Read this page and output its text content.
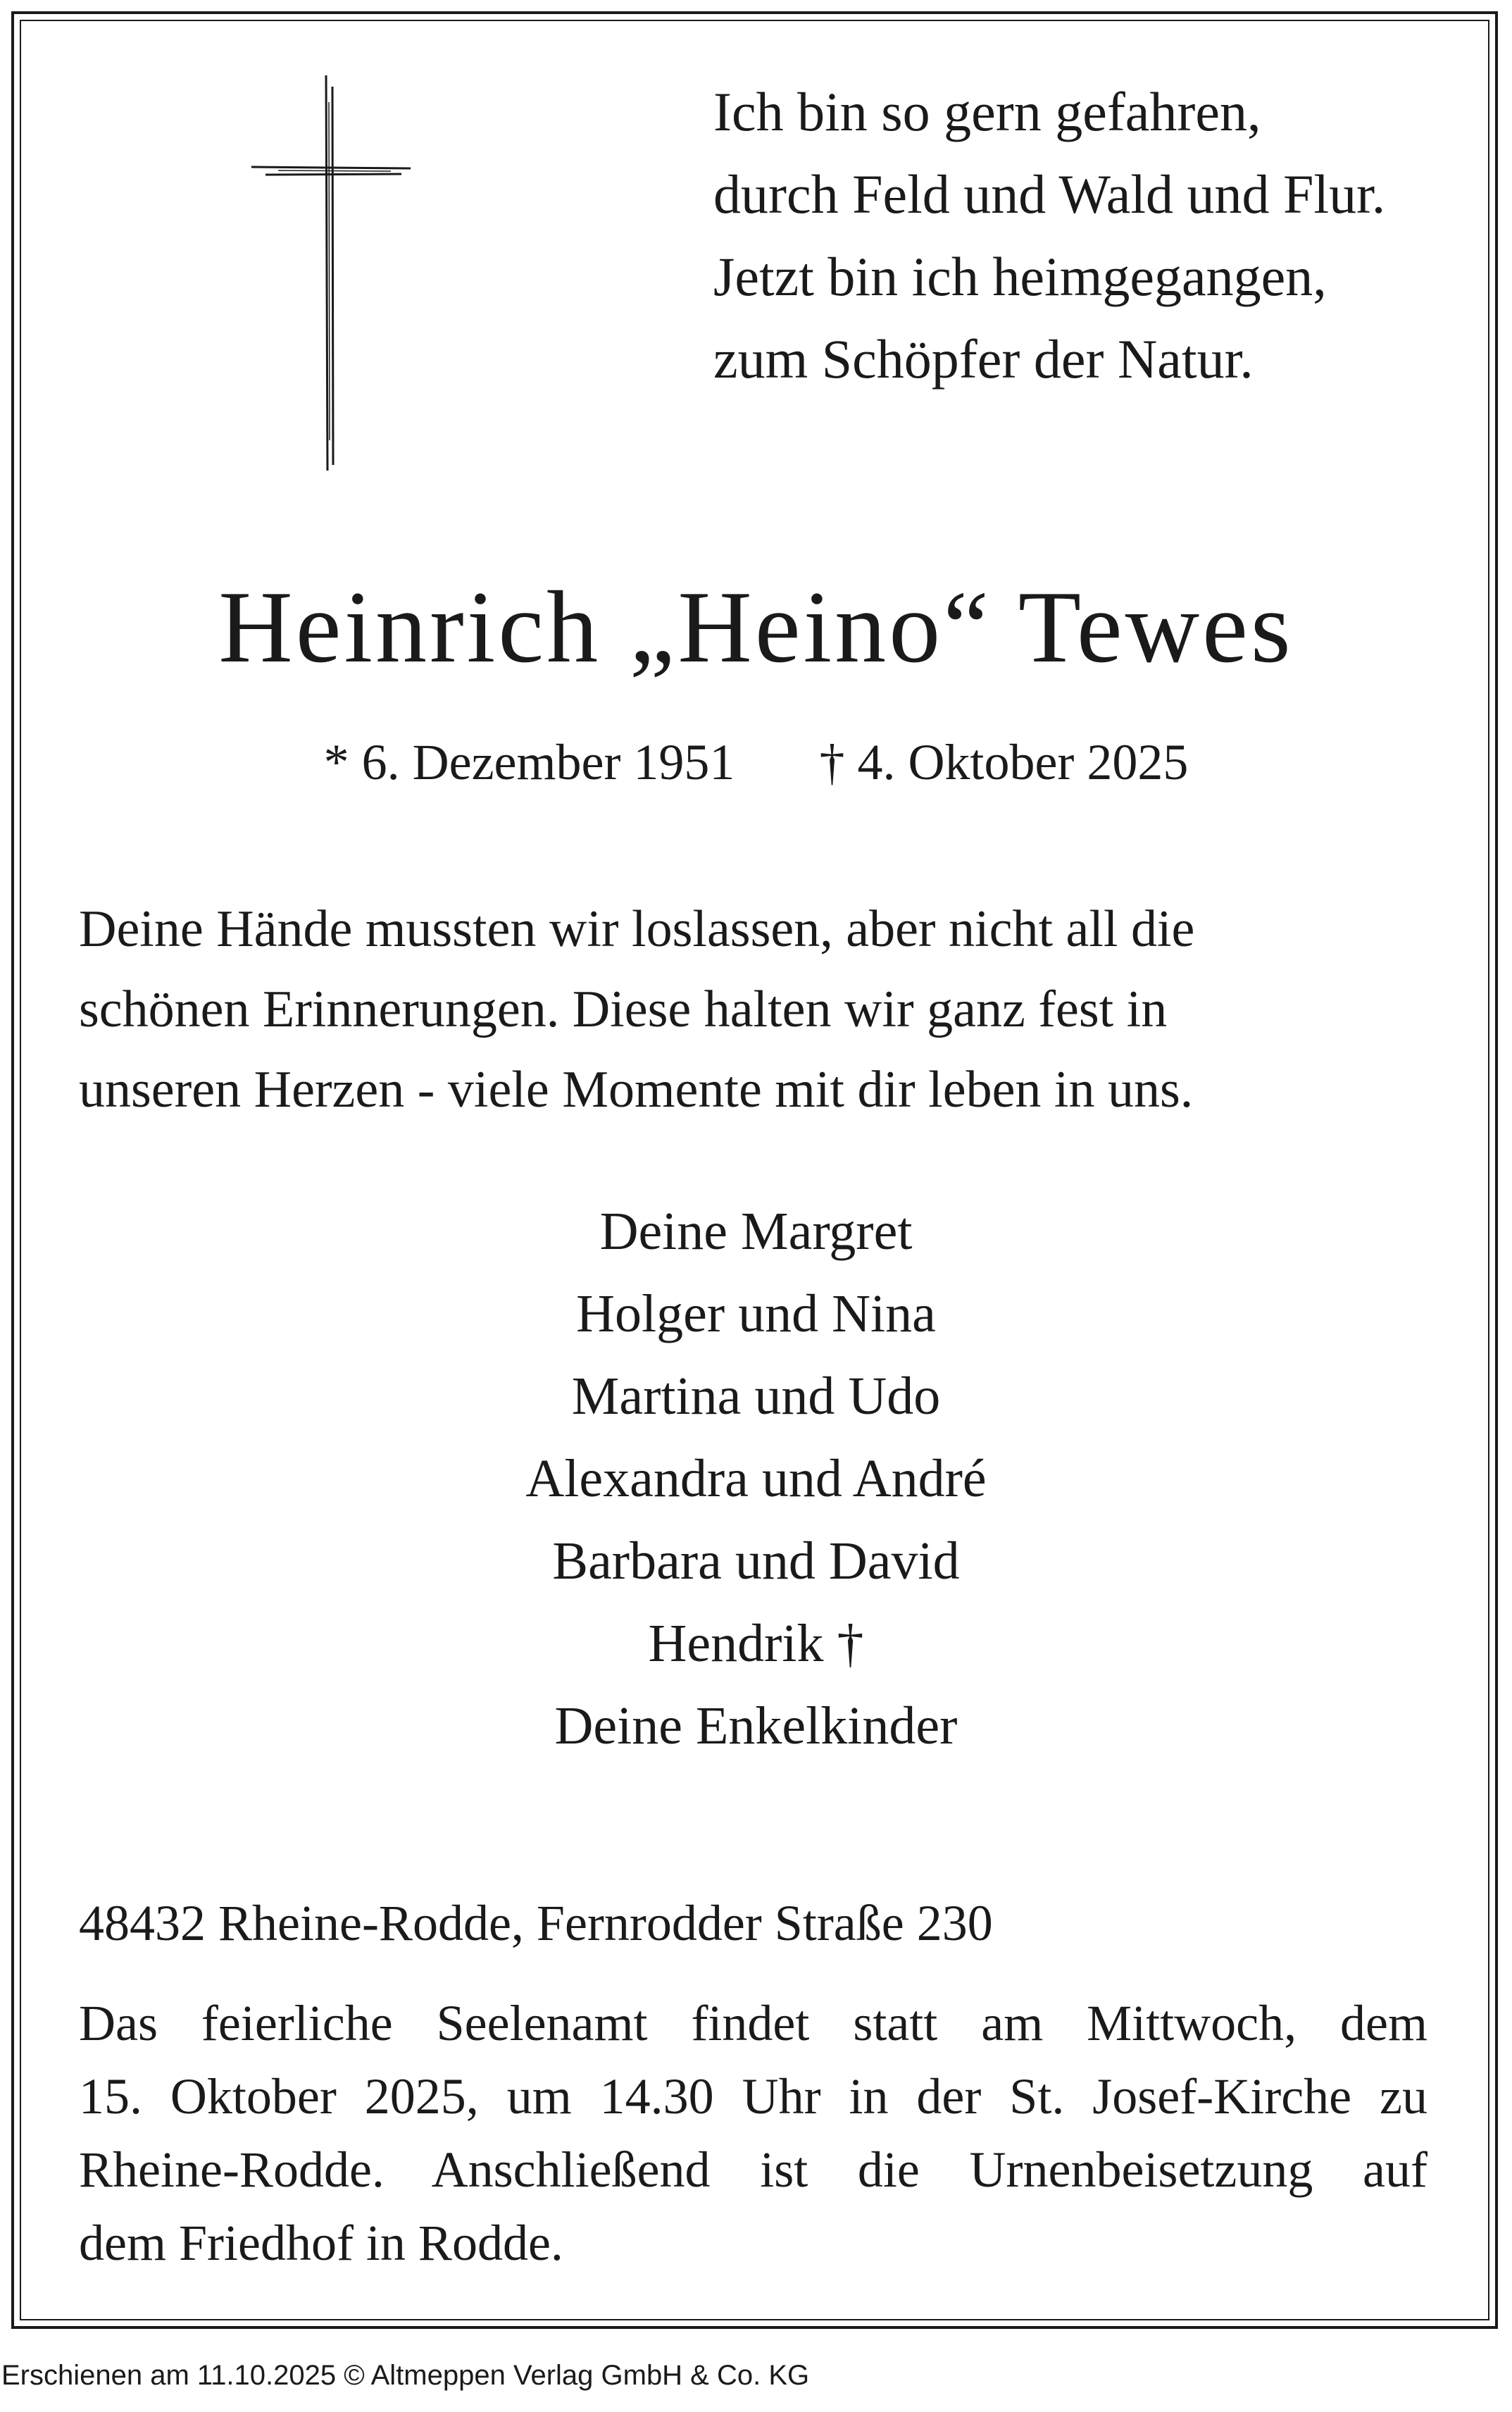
Ich bin so gern gefahren,
durch Feld und Wald und Flur.
Jetzt bin ich heimgegangen,
zum Schöpfer der Natur.
Heinrich „Heino“ Tewes
* 6. Dezember 1951 † 4. Oktober 2025
Deine Hände mussten wir loslassen, aber nicht all die
schönen Erinnerungen. Diese halten wir ganz fest in
unseren Herzen - viele Momente mit dir leben in uns.
Deine Margret
Holger und Nina
Martina und Udo
Alexandra und André
Barbara und David
Hendrik †
Deine Enkelkinder
48432 Rheine-Rodde, Fernrodder Straße 230
Das feierliche Seelenamt findet statt am Mittwoch, dem
15. Oktober 2025, um 14.30 Uhr in der St. Josef-Kirche zu
Rheine-Rodde. Anschließend ist die Urnenbeisetzung auf
dem Friedhof in Rodde.
Erschienen am 11.10.2025 © Altmeppen Verlag GmbH & Co. KG
